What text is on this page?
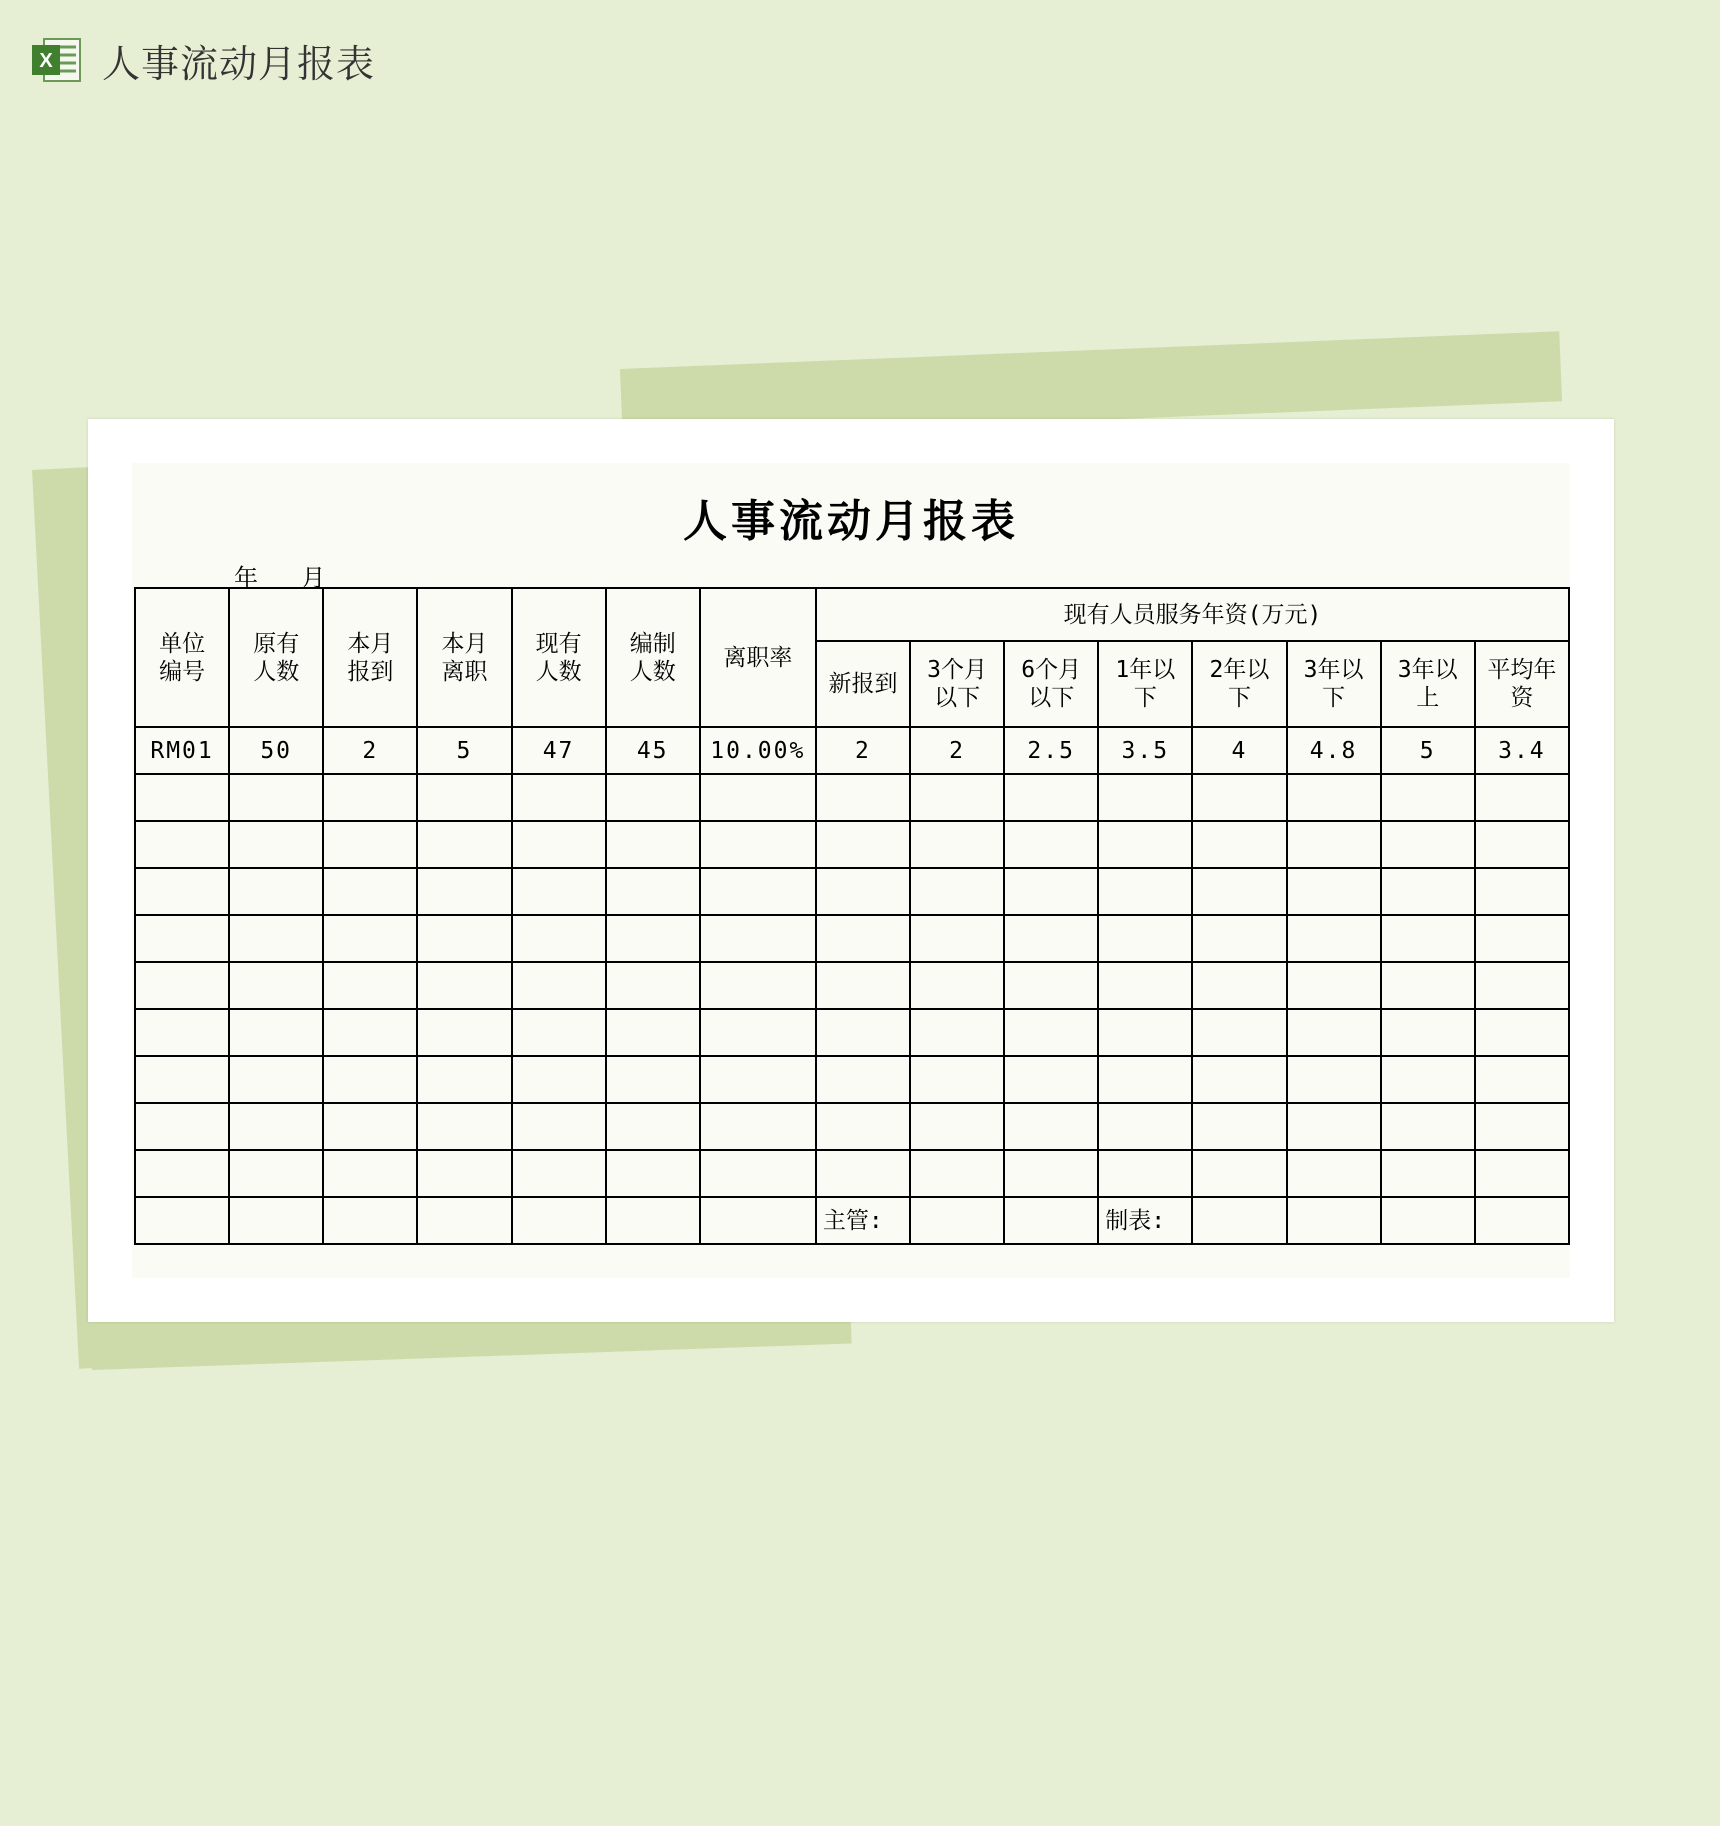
X 人事流动月报表
人事流动月报表
年   月
单位编号	原有人数	本月报到	本月离职	现有人数	编制人数	离职率	现有人员服务年资(万元)							

							新报到	3个月以下	6个月以下	1年以下	2年以下	3年以下	3年以上	平均年资

RM01	50	2	5	47	45	10.00%	2	2	2.5	3.5	4	4.8	5	3.4

							主管:			制表:				
